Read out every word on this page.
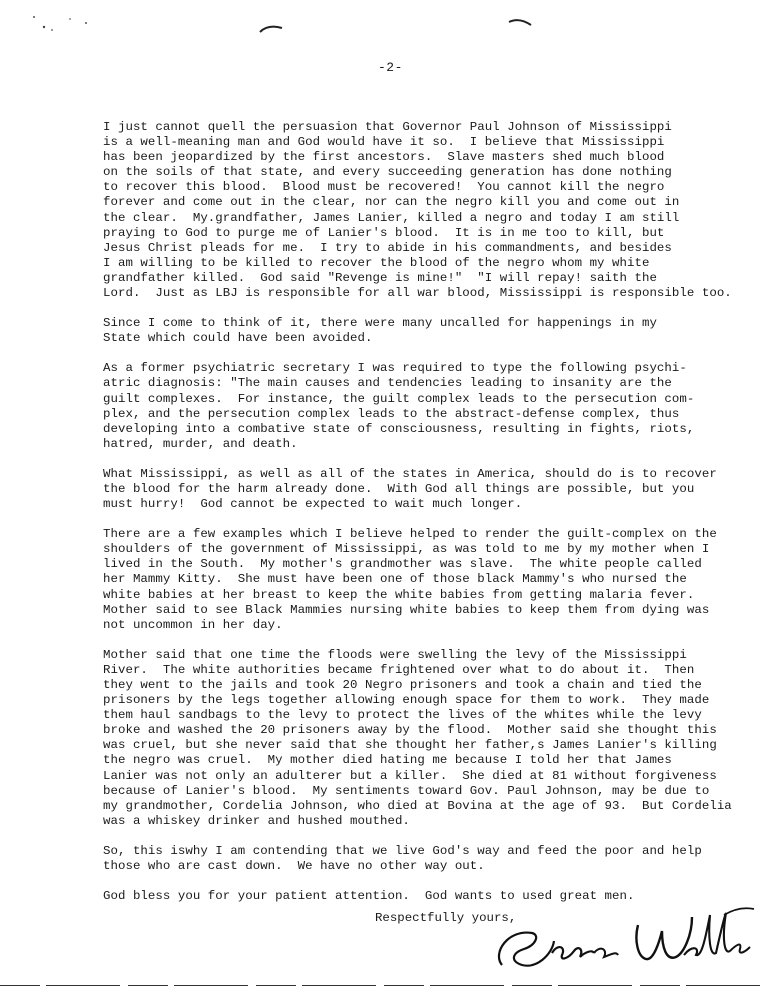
-2-
I just cannot quell the persuasion that Governor Paul Johnson of Mississippi
is a well-meaning man and God would have it so.  I believe that Mississippi
has been jeopardized by the first ancestors.  Slave masters shed much blood
on the soils of that state, and every succeeding generation has done nothing
to recover this blood.  Blood must be recovered!  You cannot kill the negro
forever and come out in the clear, nor can the negro kill you and come out in
the clear.  My.grandfather, James Lanier, killed a negro and today I am still
praying to God to purge me of Lanier's blood.  It is in me too to kill, but
Jesus Christ pleads for me.  I try to abide in his commandments, and besides
I am willing to be killed to recover the blood of the negro whom my white
grandfather killed.  God said "Revenge is mine!"  "I will repay! saith the
Lord.  Just as LBJ is responsible for all war blood, Mississippi is responsible too.
Since I come to think of it, there were many uncalled for happenings in my
State which could have been avoided.
As a former psychiatric secretary I was required to type the following psychi-
atric diagnosis: "The main causes and tendencies leading to insanity are the
guilt complexes.  For instance, the guilt complex leads to the persecution com-
plex, and the persecution complex leads to the abstract-defense complex, thus
developing into a combative state of consciousness, resulting in fights, riots,
hatred, murder, and death.
What Mississippi, as well as all of the states in America, should do is to recover
the blood for the harm already done.  With God all things are possible, but you
must hurry!  God cannot be expected to wait much longer.
There are a few examples which I believe helped to render the guilt-complex on the
shoulders of the government of Mississippi, as was told to me by my mother when I
lived in the South.  My mother's grandmother was slave.  The white people called
her Mammy Kitty.  She must have been one of those black Mammy's who nursed the
white babies at her breast to keep the white babies from getting malaria fever.
Mother said to see Black Mammies nursing white babies to keep them from dying was
not uncommon in her day.
Mother said that one time the floods were swelling the levy of the Mississippi
River.  The white authorities became frightened over what to do about it.  Then
they went to the jails and took 20 Negro prisoners and took a chain and tied the
prisoners by the legs together allowing enough space for them to work.  They made
them haul sandbags to the levy to protect the lives of the whites while the levy
broke and washed the 20 prisoners away by the flood.  Mother said she thought this
was cruel, but she never said that she thought her father,s James Lanier's killing
the negro was cruel.  My mother died hating me because I told her that James
Lanier was not only an adulterer but a killer.  She died at 81 without forgiveness
because of Lanier's blood.  My sentiments toward Gov. Paul Johnson, may be due to
my grandmother, Cordelia Johnson, who died at Bovina at the age of 93.  But Cordelia
was a whiskey drinker and hushed mouthed.
So, this iswhy I am contending that we live God's way and feed the poor and help
those who are cast down.  We have no other way out.
God bless you for your patient attention.  God wants to used great men.
Respectfully yours,
